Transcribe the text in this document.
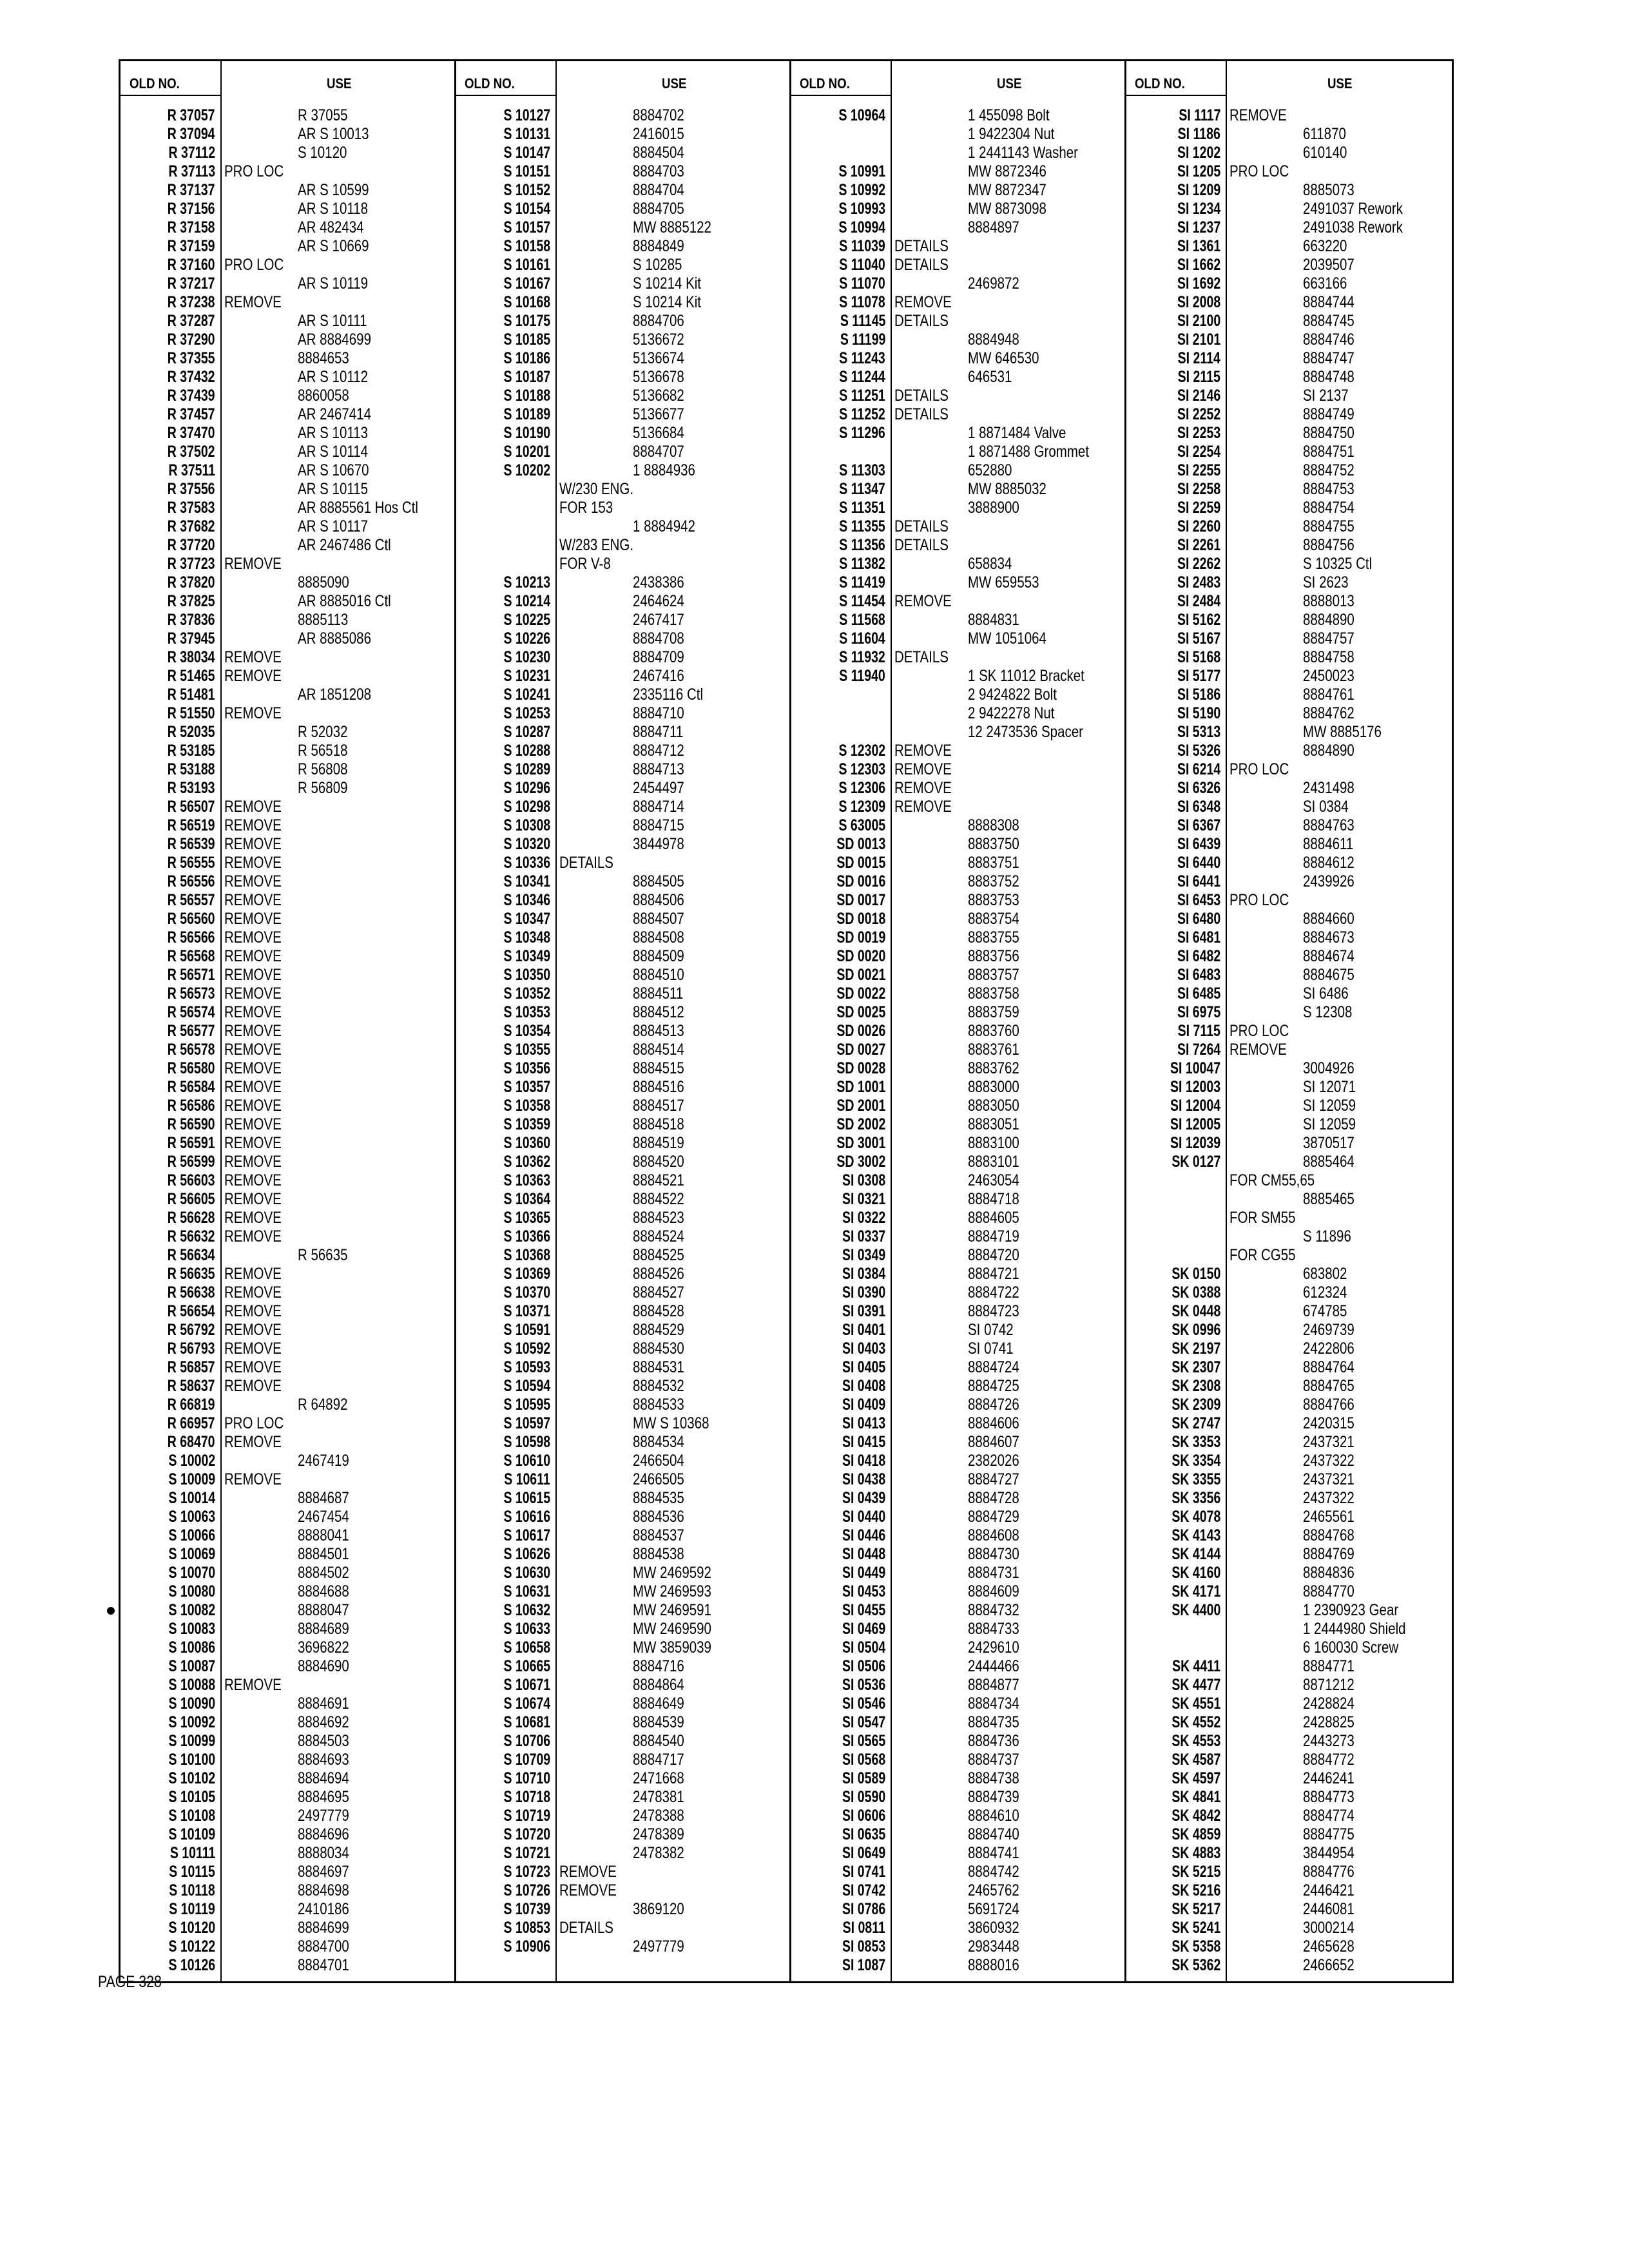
OLD NO.	USE
R 37057	R 37055
R 37094	AR S 10013
R 37112	S 10120
R 37113 PRO LOC
R 37137	AR S 10599
R 37156	AR S 10118
R 37158	AR 482434
R 37159	AR S 10669
R 37160 PRO LOC
R 37217	AR S 10119
R 37238 REMOVE
R 37287	AR S 10111
R 37290	AR 8884699
R 37355	8884653
R 37432	AR S 10112
R 37439	8860058
R 37457	AR 2467414
R 37470	AR S 10113
R 37502	AR S 10114
R 37511	AR S 10670
R 37556	AR S 10115
R 37583	AR 8885561 Hos Ctl
R 37682	AR S 10117
R 37720	AR 2467486 Ctl
R 37723 REMOVE
R 37820	8885090
R 37825	AR 8885016 Ctl
R 37836	8885113
R 37945	AR 8885086
R 38034 REMOVE
R 51465 REMOVE
R 51481	AR 1851208
R 51550 REMOVE
R 52035	R 52032
R 53185	R 56518
R 53188	R 56808
R 53193	R 56809
R 56507 REMOVE
R 56519 REMOVE
R 56539 REMOVE
R 56555 REMOVE
R 56556 REMOVE
R 56557 REMOVE
R 56560 REMOVE
R 56566 REMOVE
R 56568 REMOVE
R 56571 REMOVE
R 56573 REMOVE
R 56574 REMOVE
R 56577 REMOVE
R 56578 REMOVE
R 56580 REMOVE
R 56584 REMOVE
R 56586 REMOVE
R 56590 REMOVE
R 56591 REMOVE
R 56599 REMOVE
R 56603 REMOVE
R 56605 REMOVE
R 56628 REMOVE
R 56632 REMOVE
R 56634	R 56635
R 56635 REMOVE
R 56638 REMOVE
R 56654 REMOVE
R 56792 REMOVE
R 56793 REMOVE
R 56857 REMOVE
R 58637 REMOVE
R 66819	R 64892
R 66957 PRO LOC
R 68470 REMOVE
S 10002	2467419
S 10009 REMOVE
S 10014	8884687
S 10063	2467454
S 10066	8888041
S 10069	8884501
S 10070	8884502
S 10080	8884688
S 10082	8888047
S 10083	8884689
S 10086	3696822
S 10087	8884690
S 10088 REMOVE
S 10090	8884691
S 10092	8884692
S 10099	8884503
S 10100	8884693
S 10102	8884694
S 10105	8884695
S 10108	2497779
S 10109	8884696
S 10111	8888034
S 10115	8884697
S 10118	8884698
S 10119	2410186
S 10120	8884699
S 10122	8884700
S 10126	8884701
OLD NO.	USE
S 10127	8884702
S 10131	2416015
S 10147	8884504
S 10151	8884703
S 10152	8884704
S 10154	8884705
S 10157	MW 8885122
S 10158	8884849
S 10161	S 10285
S 10167	S 10214 Kit
S 10168	S 10214 Kit
S 10175	8884706
S 10185	5136672
S 10186	5136674
S 10187	5136678
S 10188	5136682
S 10189	5136677
S 10190	5136684
S 10201	8884707
S 10202	1 8884936
W/230 ENG.
FOR 153
1 8884942
W/283 ENG.
FOR V-8
S 10213	2438386
S 10214	2464624
S 10225	2467417
S 10226	8884708
S 10230	8884709
S 10231	2467416
S 10241	2335116 Ctl
S 10253	8884710
S 10287	8884711
S 10288	8884712
S 10289	8884713
S 10296	2454497
S 10298	8884714
S 10308	8884715
S 10320	3844978
S 10336 DETAILS
S 10341	8884505
S 10346	8884506
S 10347	8884507
S 10348	8884508
S 10349	8884509
S 10350	8884510
S 10352	8884511
S 10353	8884512
S 10354	8884513
S 10355	8884514
S 10356	8884515
S 10357	8884516
S 10358	8884517
S 10359	8884518
S 10360	8884519
S 10362	8884520
S 10363	8884521
S 10364	8884522
S 10365	8884523
S 10366	8884524
S 10368	8884525
S 10369	8884526
S 10370	8884527
S 10371	8884528
S 10591	8884529
S 10592	8884530
S 10593	8884531
S 10594	8884532
S 10595	8884533
S 10597	MW S 10368
S 10598	8884534
S 10610	2466504
S 10611	2466505
S 10615	8884535
S 10616	8884536
S 10617	8884537
S 10626	8884538
S 10630	MW 2469592
S 10631	MW 2469593
S 10632	MW 2469591
S 10633	MW 2469590
S 10658	MW 3859039
S 10665	8884716
S 10671	8884864
S 10674	8884649
S 10681	8884539
S 10706	8884540
S 10709	8884717
S 10710	2471668
S 10718	2478381
S 10719	2478388
S 10720	2478389
S 10721	2478382
S 10723 REMOVE
S 10726 REMOVE
S 10739	3869120
S 10853 DETAILS
S 10906	2497779
OLD NO.	USE
S 10964	1 455098 Bolt
1 9422304 Nut
1 2441143 Washer
S 10991	MW 8872346
S 10992	MW 8872347
S 10993	MW 8873098
S 10994	8884897
S 11039 DETAILS
S 11040 DETAILS
S 11070	2469872
S 11078 REMOVE
S 11145 DETAILS
S 11199	8884948
S 11243	MW 646530
S 11244	646531
S 11251 DETAILS
S 11252 DETAILS
S 11296	1 8871484 Valve
1 8871488 Grommet
S 11303	652880
S 11347	MW 8885032
S 11351	3888900
S 11355 DETAILS
S 11356 DETAILS
S 11382	658834
S 11419	MW 659553
S 11454 REMOVE
S 11568	8884831
S 11604	MW 1051064
S 11932 DETAILS
S 11940	1 SK 11012 Bracket
2 9424822 Bolt
2 9422278 Nut
12 2473536 Spacer
S 12302 REMOVE
S 12303 REMOVE
S 12306 REMOVE
S 12309 REMOVE
S 63005	8888308
SD 0013	8883750
SD 0015	8883751
SD 0016	8883752
SD 0017	8883753
SD 0018	8883754
SD 0019	8883755
SD 0020	8883756
SD 0021	8883757
SD 0022	8883758
SD 0025	8883759
SD 0026	8883760
SD 0027	8883761
SD 0028	8883762
SD 1001	8883000
SD 2001	8883050
SD 2002	8883051
SD 3001	8883100
SD 3002	8883101
SI 0308	2463054
SI 0321	8884718
SI 0322	8884605
SI 0337	8884719
SI 0349	8884720
SI 0384	8884721
SI 0390	8884722
SI 0391	8884723
SI 0401	SI 0742
SI 0403	SI 0741
SI 0405	8884724
SI 0408	8884725
SI 0409	8884726
SI 0413	8884606
SI 0415	8884607
SI 0418	2382026
SI 0438	8884727
SI 0439	8884728
SI 0440	8884729
SI 0446	8884608
SI 0448	8884730
SI 0449	8884731
SI 0453	8884609
SI 0455	8884732
SI 0469	8884733
SI 0504	2429610
SI 0506	2444466
SI 0536	8884877
SI 0546	8884734
SI 0547	8884735
SI 0565	8884736
SI 0568	8884737
SI 0589	8884738
SI 0590	8884739
SI 0606	8884610
SI 0635	8884740
SI 0649	8884741
SI 0741	8884742
SI 0742	2465762
SI 0786	5691724
SI 0811	3860932
SI 0853	2983448
SI 1087	8888016
OLD NO.	USE
SI 1117 REMOVE
SI 1186	611870
SI 1202	610140
SI 1205 PRO LOC
SI 1209	8885073
SI 1234	2491037 Rework
SI 1237	2491038 Rework
SI 1361	663220
SI 1662	2039507
SI 1692	663166
SI 2008	8884744
SI 2100	8884745
SI 2101	8884746
SI 2114	8884747
SI 2115	8884748
SI 2146	SI 2137
SI 2252	8884749
SI 2253	8884750
SI 2254	8884751
SI 2255	8884752
SI 2258	8884753
SI 2259	8884754
SI 2260	8884755
SI 2261	8884756
SI 2262	S 10325 Ctl
SI 2483	SI 2623
SI 2484	8888013
SI 5162	8884890
SI 5167	8884757
SI 5168	8884758
SI 5177	2450023
SI 5186	8884761
SI 5190	8884762
SI 5313	MW 8885176
SI 5326	8884890
SI 6214 PRO LOC
SI 6326	2431498
SI 6348	SI 0384
SI 6367	8884763
SI 6439	8884611
SI 6440	8884612
SI 6441	2439926
SI 6453 PRO LOC
SI 6480	8884660
SI 6481	8884673
SI 6482	8884674
SI 6483	8884675
SI 6485	SI 6486
SI 6975	S 12308
SI 7115 PRO LOC
SI 7264 REMOVE
SI 10047	3004926
SI 12003	SI 12071
SI 12004	SI 12059
SI 12005	SI 12059
SI 12039	3870517
SK 0127	8885464
FOR CM55,65
8885465
FOR SM55
S 11896
FOR CG55
SK 0150	683802
SK 0388	612324
SK 0448	674785
SK 0996	2469739
SK 2197	2422806
SK 2307	8884764
SK 2308	8884765
SK 2309	8884766
SK 2747	2420315
SK 3353	2437321
SK 3354	2437322
SK 3355	2437321
SK 3356	2437322
SK 4078	2465561
SK 4143	8884768
SK 4144	8884769
SK 4160	8884836
SK 4171	8884770
SK 4400	1 2390923 Gear
1 2444980 Shield
6 160030 Screw
SK 4411	8884771
SK 4477	8871212
SK 4551	2428824
SK 4552	2428825
SK 4553	2443273
SK 4587	8884772
SK 4597	2446241
SK 4841	8884773
SK 4842	8884774
SK 4859	8884775
SK 4883	3844954
SK 5215	8884776
SK 5216	2446421
SK 5217	2446081
SK 5241	3000214
SK 5358	2465628
SK 5362	2466652
PAGE 328
